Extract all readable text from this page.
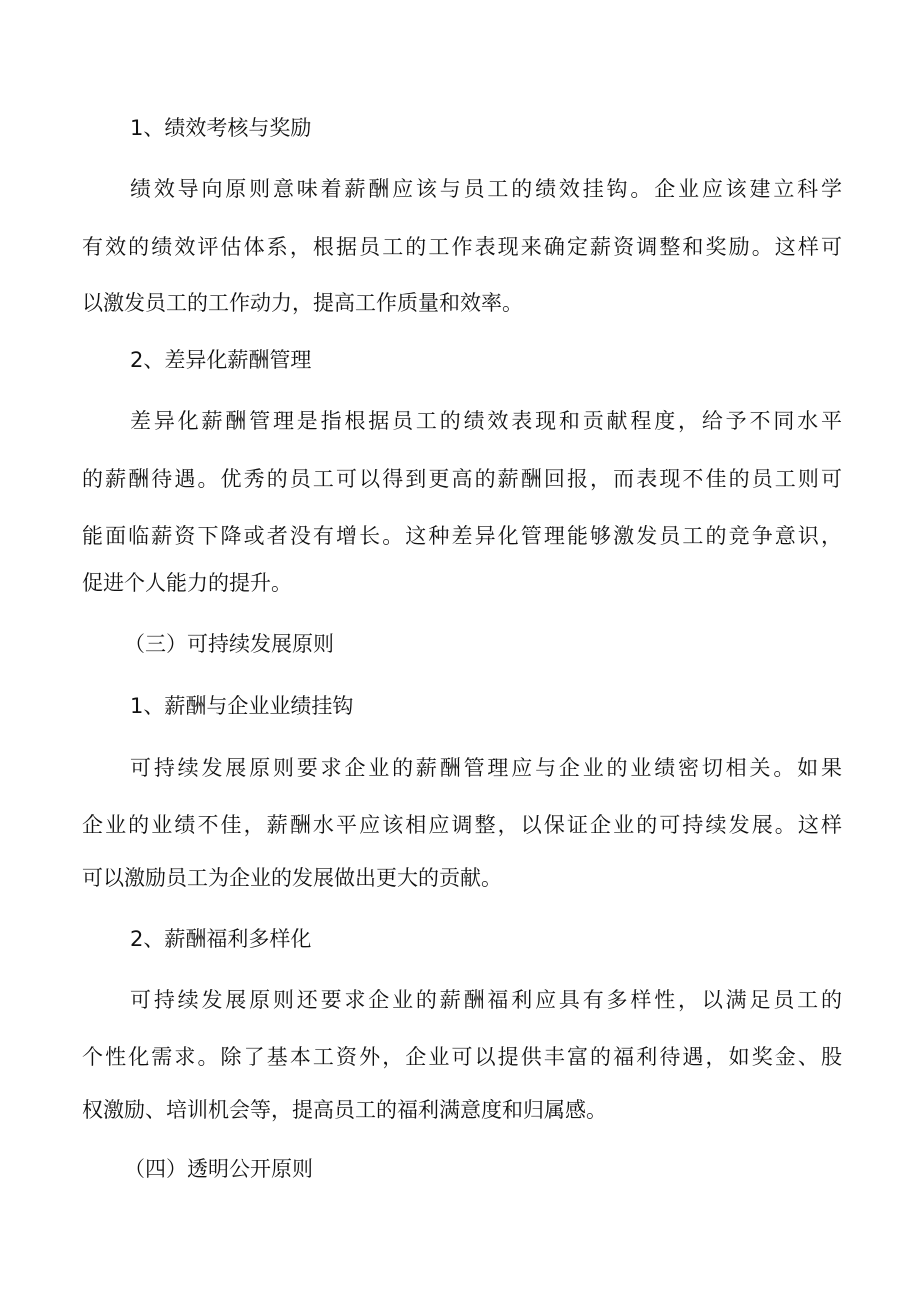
1、绩效考核与奖励
绩效导向原则意味着薪酬应该与员工的绩效挂钩。企业应该建立科学
有效的绩效评估体系，根据员工的工作表现来确定薪资调整和奖励。这样可
以激发员工的工作动力，提高工作质量和效率。
2、差异化薪酬管理
差异化薪酬管理是指根据员工的绩效表现和贡献程度，给予不同水平
的薪酬待遇。优秀的员工可以得到更高的薪酬回报，而表现不佳的员工则可
能面临薪资下降或者没有增长。这种差异化管理能够激发员工的竞争意识，
促进个人能力的提升。
（三）可持续发展原则
1、薪酬与企业业绩挂钩
可持续发展原则要求企业的薪酬管理应与企业的业绩密切相关。如果
企业的业绩不佳，薪酬水平应该相应调整，以保证企业的可持续发展。这样
可以激励员工为企业的发展做出更大的贡献。
2、薪酬福利多样化
可持续发展原则还要求企业的薪酬福利应具有多样性，以满足员工的
个性化需求。除了基本工资外，企业可以提供丰富的福利待遇，如奖金、股
权激励、培训机会等，提高员工的福利满意度和归属感。
（四）透明公开原则
